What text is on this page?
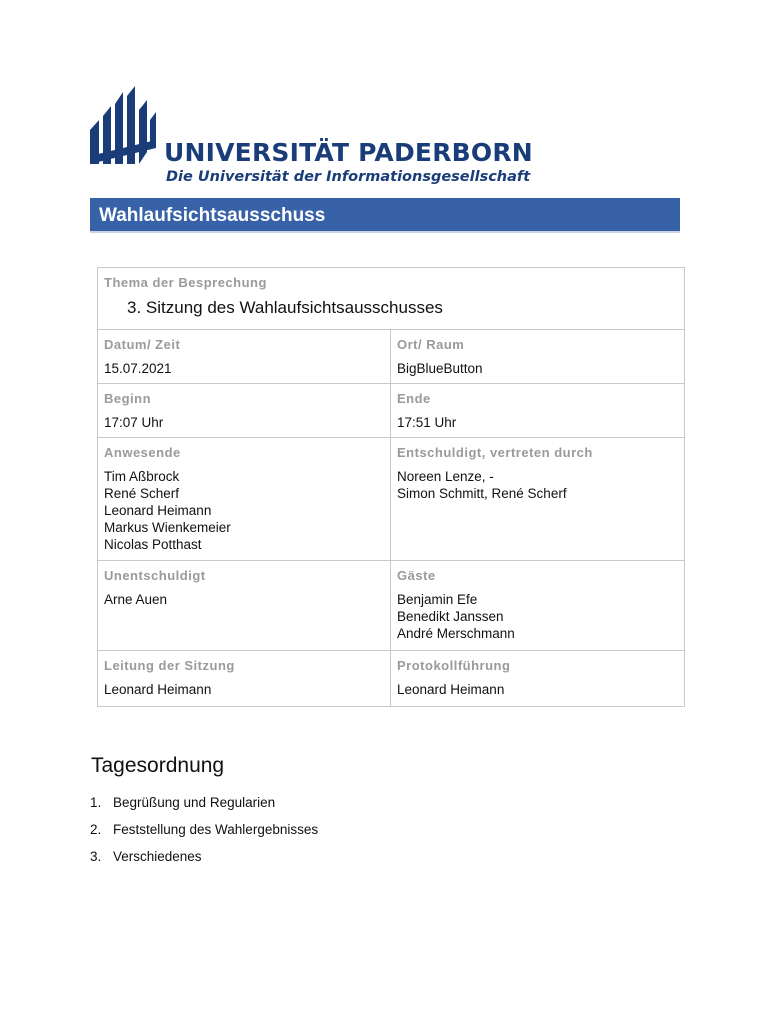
UNIVERSITÄT PADERBORN
Die Universität der Informationsgesellschaft
Wahlaufsichtsausschuss
Thema der Besprechung
3. Sitzung des Wahlaufsichtsausschusses
Datum/ Zeit
15.07.2021
Ort/ Raum
BigBlueButton
Beginn
17:07 Uhr
Ende
17:51 Uhr
Anwesende
Tim Aßbrock
René Scherf
Leonard Heimann
Markus Wienkemeier
Nicolas Potthast
Entschuldigt, vertreten durch
Noreen Lenze, -
Simon Schmitt, René Scherf
Unentschuldigt
Arne Auen
Gäste
Benjamin Efe
Benedikt Janssen
André Merschmann
Leitung der Sitzung
Leonard Heimann
Protokollführung
Leonard Heimann
Tagesordnung
1. Begrüßung und Regularien
2. Feststellung des Wahlergebnisses
3. Verschiedenes
